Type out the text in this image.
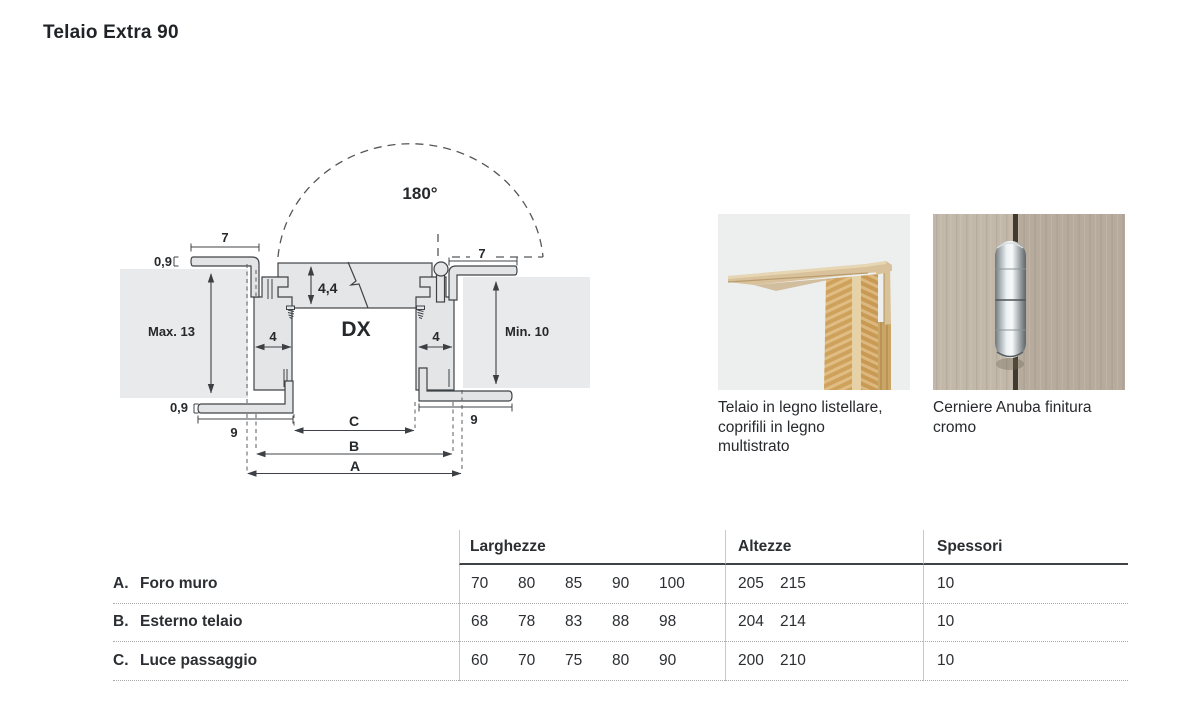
Telaio Extra 90
180°
7
7
0,9
0,9
4,4
4	4
Max. 13	Min. 10
9
9
DX
C
B
A
Telaio in legno listellare, coprifili in legno multistrato
Cerniere Anuba finitura cromo
Larghezze	Altezze	Spessori
A. Foro muro	70	80	85	90	100	205	215	10
B. Esterno telaio	68	78	83	88	98	204	214	10
C. Luce passaggio	60	70	75	80	90	200	210	10
